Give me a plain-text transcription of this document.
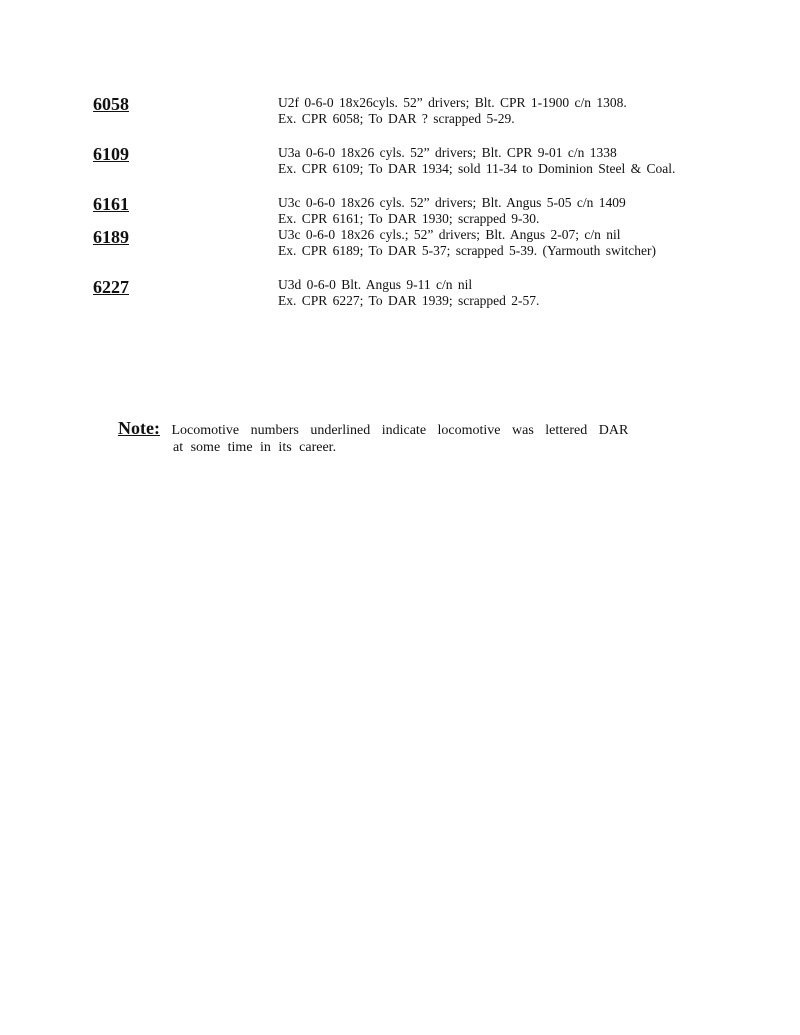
6058	U2f 0-6-0 18x26cyls. 52” drivers; Blt. CPR 1-1900 c/n 1308.
Ex. CPR 6058; To DAR ? scrapped 5-29.
6109	U3a 0-6-0 18x26 cyls. 52” drivers; Blt. CPR 9-01 c/n 1338
Ex. CPR 6109; To DAR 1934; sold 11-34 to Dominion Steel & Coal.
6161	U3c 0-6-0 18x26 cyls. 52” drivers; Blt. Angus 5-05 c/n 1409
Ex. CPR 6161; To DAR 1930; scrapped 9-30.
6189	U3c 0-6-0 18x26 cyls.; 52” drivers; Blt. Angus 2-07; c/n nil
Ex. CPR 6189; To DAR 5-37; scrapped 5-39. (Yarmouth switcher)
6227	U3d 0-6-0 Blt. Angus 9-11 c/n nil
Ex. CPR 6227; To DAR 1939; scrapped 2-57.
Note: Locomotive numbers underlined indicate locomotive was lettered DAR
at some time in its career.
